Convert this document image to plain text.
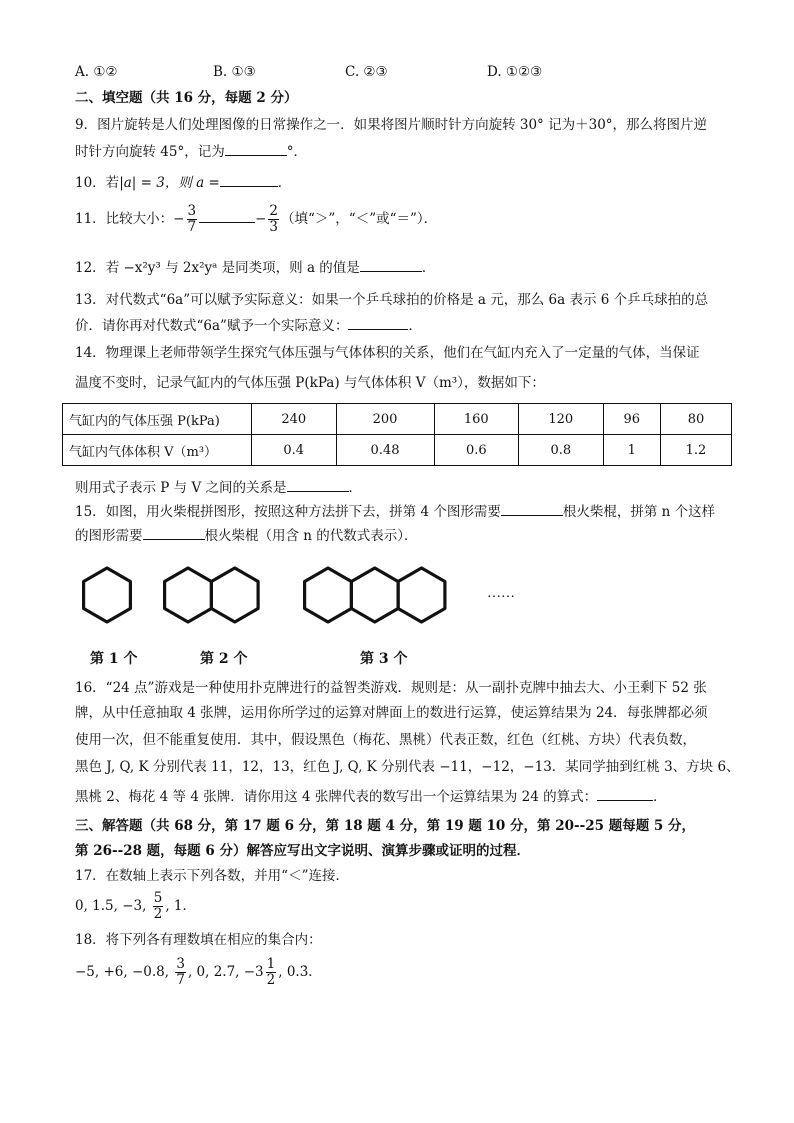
A. ①②	B. ①③	C. ②③	D. ①②③
二、填空题（共 16 分，每题 2 分）
9．图片旋转是人们处理图像的日常操作之一．如果将图片顺时针方向旋转 30° 记为＋30°，那么将图片逆
时针方向旋转 45°，记为	°．
10．若|a| = 3，则 a =	．
11．比较大小：− $\frac{3}{7}$	− $\frac{2}{3}$ （填“＞”，“＜”或“＝”）．
12．若 −x²y³ 与 2x²yᵃ 是同类项，则 a 的值是	．
13．对代数式“6a”可以赋予实际意义：如果一个乒乓球拍的价格是 a 元，那么 6a 表示 6 个乒乓球拍的总
价．请你再对代数式“6a”赋予一个实际意义：	．
14．物理课上老师带领学生探究气体压强与气体体积的关系，他们在气缸内充入了一定量的气体，当保证
温度不变时，记录气缸内的气体压强 P(kPa) 与气体体积 V（m³），数据如下：
气缸内的气体压强 P(kPa)	240	200	160	120	96	80
气缸内气体体积 V（m³）	0.4	0.48	0.6	0.8	1	1.2
则用式子表示 P 与 V 之间的关系是	．
15．如图，用火柴棍拼图形，按照这种方法拼下去，拼第 4 个图形需要	根火柴棍，拼第 n 个这样
的图形需要	根火柴棍（用含 n 的代数式表示）．
……
第 1 个	第 2 个	第 3 个
16．“24 点”游戏是一种使用扑克牌进行的益智类游戏．规则是：从一副扑克牌中抽去大、小王剩下 52 张
牌，从中任意抽取 4 张牌，运用你所学过的运算对牌面上的数进行运算，使运算结果为 24．每张牌都必须
使用一次，但不能重复使用．其中，假设黑色（梅花、黑桃）代表正数，红色（红桃、方块）代表负数，
黑色 J, Q, K 分别代表 11，12，13，红色 J, Q, K 分别代表 −11，−12，−13．某同学抽到红桃 3、方块 6、
黑桃 2、梅花 4 等 4 张牌．请你用这 4 张牌代表的数写出一个运算结果为 24 的算式：	．
三、解答题（共 68 分，第 17 题 6 分，第 18 题 4 分，第 19 题 10 分，第 20--25 题每题 5 分，
第 26--28 题，每题 6 分）解答应写出文字说明、演算步骤或证明的过程．
17．在数轴上表示下列各数，并用“＜”连接．
0, 1.5, −3, $\frac{5}{2}$ , 1．
18．将下列各有理数填在相应的集合内：
−5, +6, −0.8, $\frac{3}{7}$ , 0, 2.7, $-3 \frac{1}{2}$ , 0.3̇．
